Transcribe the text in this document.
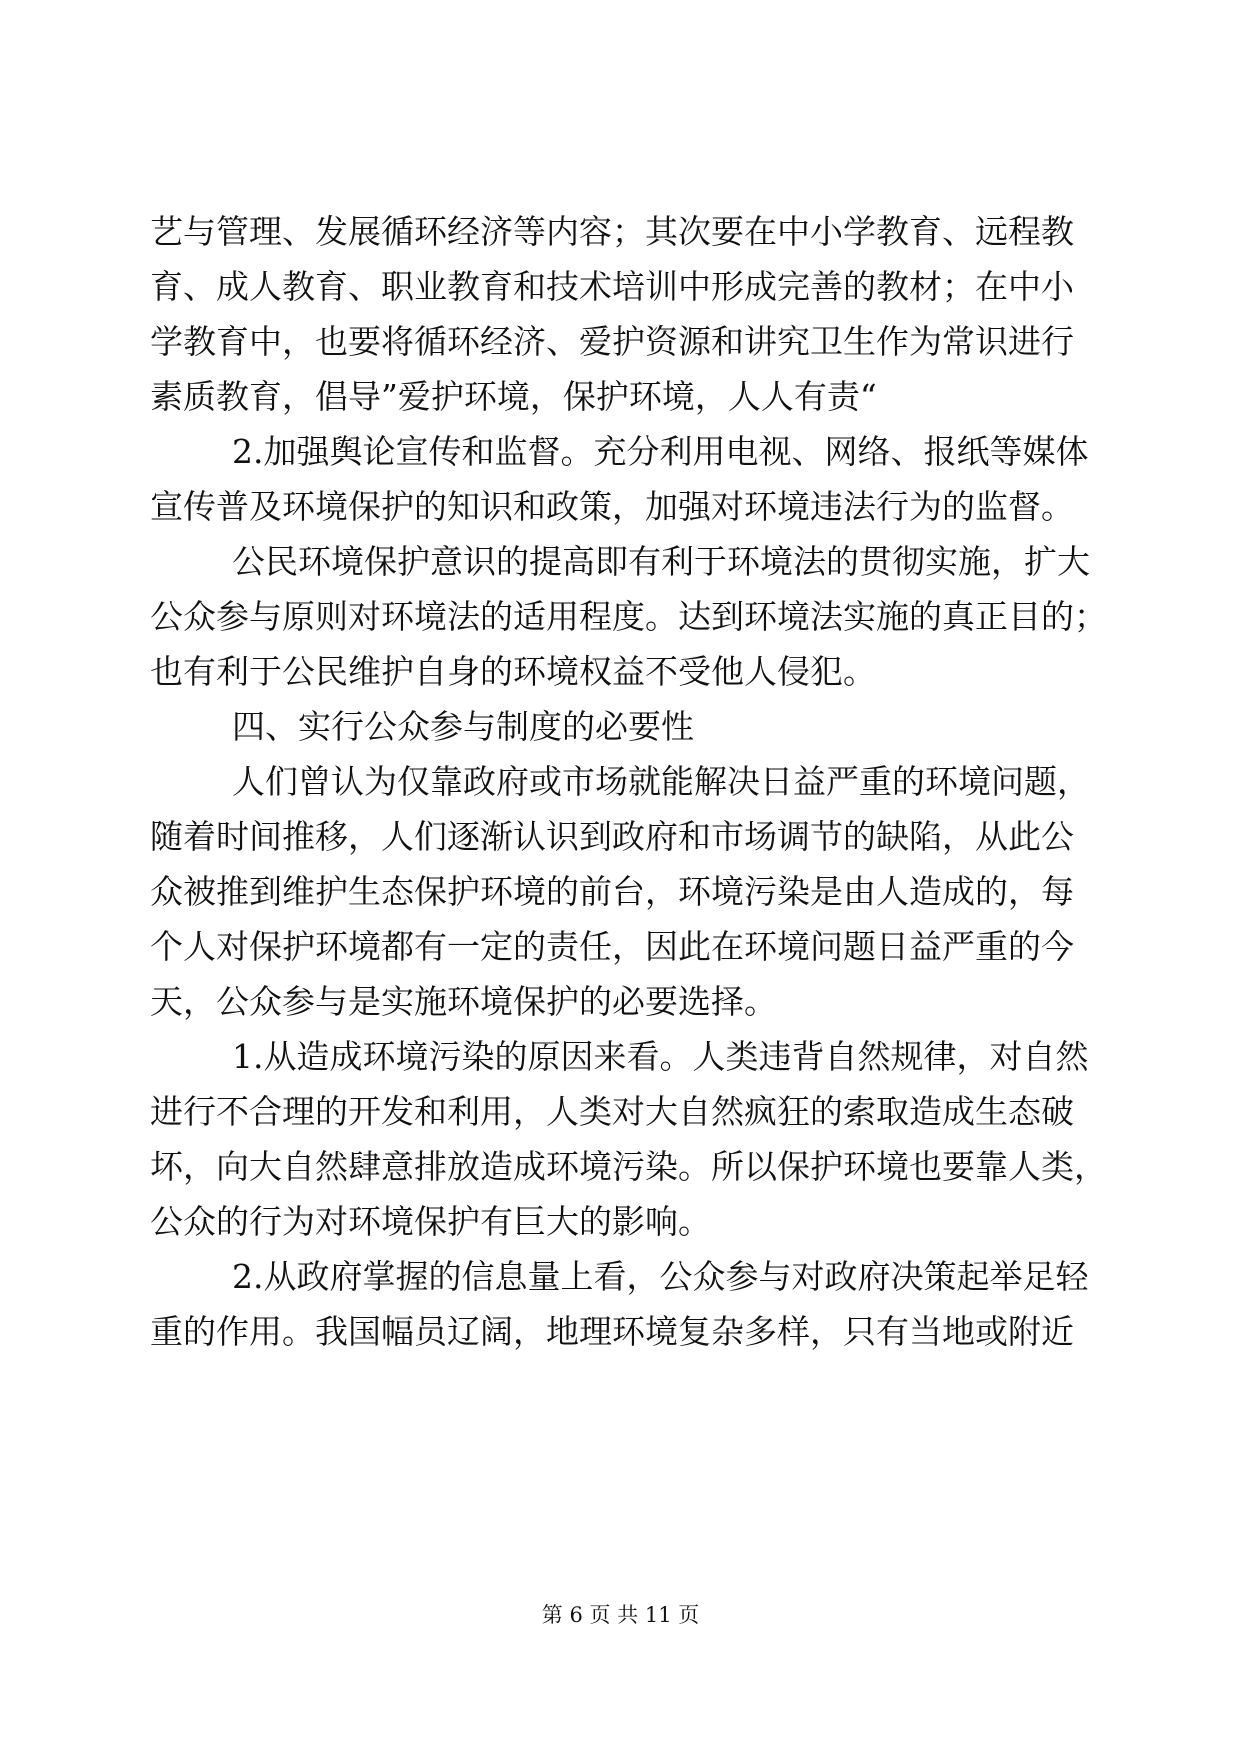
艺与管理、发展循环经济等内容；其次要在中小学教育、远程教
育、成人教育、职业教育和技术培训中形成完善的教材；在中小
学教育中，也要将循环经济、爱护资源和讲究卫生作为常识进行
素质教育，倡导”爱护环境，保护环境，人人有责“
2.加强舆论宣传和监督。充分利用电视、网络、报纸等媒体
宣传普及环境保护的知识和政策，加强对环境违法行为的监督。
公民环境保护意识的提高即有利于环境法的贯彻实施，扩大
公众参与原则对环境法的适用程度。达到环境法实施的真正目的；
也有利于公民维护自身的环境权益不受他人侵犯。
四、实行公众参与制度的必要性
人们曾认为仅靠政府或市场就能解决日益严重的环境问题，
随着时间推移，人们逐渐认识到政府和市场调节的缺陷，从此公
众被推到维护生态保护环境的前台，环境污染是由人造成的，每
个人对保护环境都有一定的责任，因此在环境问题日益严重的今
天，公众参与是实施环境保护的必要选择。
1.从造成环境污染的原因来看。人类违背自然规律，对自然
进行不合理的开发和利用，人类对大自然疯狂的索取造成生态破
坏，向大自然肆意排放造成环境污染。所以保护环境也要靠人类，
公众的行为对环境保护有巨大的影响。
2.从政府掌握的信息量上看，公众参与对政府决策起举足轻
重的作用。我国幅员辽阔，地理环境复杂多样，只有当地或附近
第 6 页 共 11 页
